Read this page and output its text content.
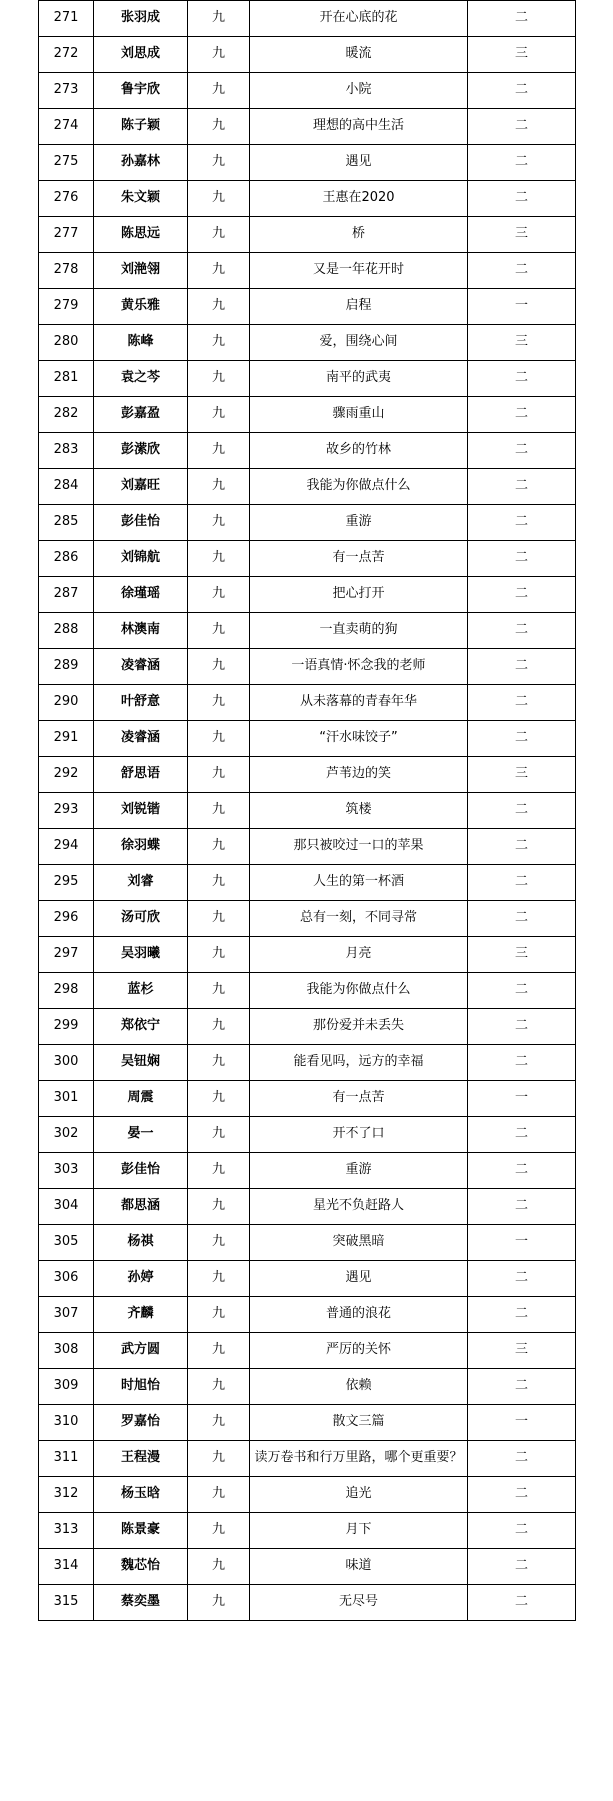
271	张羽成	九	开在心底的花	二
272	刘思成	九	暖流	三
273	鲁宇欣	九	小院	二
274	陈子颖	九	理想的高中生活	二
275	孙嘉林	九	遇见	二
276	朱文颖	九	王惠在2020	二
277	陈思远	九	桥	三
278	刘滟翎	九	又是一年花开时	二
279	黄乐雅	九	启程	一
280	陈峰	九	爱，围绕心间	三
281	袁之芩	九	南平的武夷	二
282	彭嘉盈	九	骤雨重山	二
283	彭潆欣	九	故乡的竹林	二
284	刘嘉旺	九	我能为你做点什么	二
285	彭佳怡	九	重游	二
286	刘锦航	九	有一点苦	二
287	徐瑾瑶	九	把心打开	二
288	林澳南	九	一直卖萌的狗	二
289	凌睿涵	九	一语真情·怀念我的老师	二
290	叶舒意	九	从未落幕的青春年华	二
291	凌睿涵	九	“汗水味饺子”	二
292	舒思语	九	芦苇边的笑	三
293	刘锐锴	九	筑楼	二
294	徐羽蝶	九	那只被咬过一口的苹果	二
295	刘睿	九	人生的第一杯酒	二
296	汤可欣	九	总有一刻，不同寻常	二
297	吴羽曦	九	月亮	三
298	蓝杉	九	我能为你做点什么	二
299	郑依宁	九	那份爱并未丢失	二
300	吴钮娴	九	能看见吗，远方的幸福	二
301	周震	九	有一点苦	一
302	晏一	九	开不了口	二
303	彭佳怡	九	重游	二
304	都思涵	九	星光不负赶路人	二
305	杨祺	九	突破黑暗	一
306	孙婷	九	遇见	二
307	齐麟	九	普通的浪花	二
308	武方圆	九	严厉的关怀	三
309	时旭怡	九	依赖	二
310	罗嘉怡	九	散文三篇	一
311	王程漫	九	读万卷书和行万里路，哪个更重要？	二
312	杨玉晗	九	追光	二
313	陈景豪	九	月下	二
314	魏芯怡	九	味道	二
315	蔡奕墨	九	无尽号	二
